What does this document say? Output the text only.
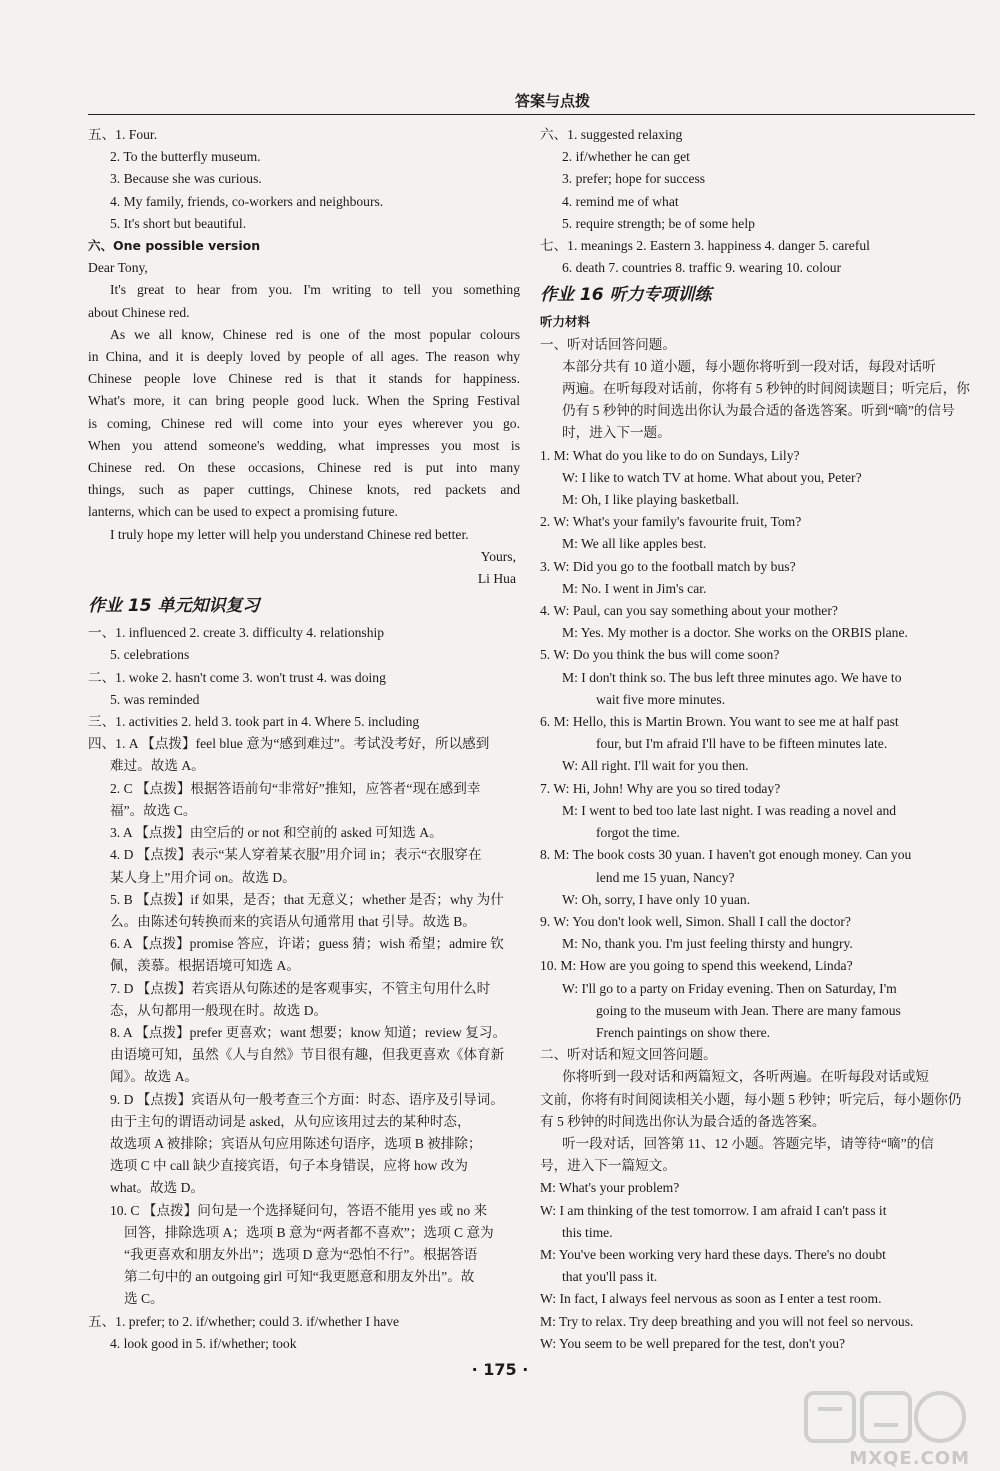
答案与点拨
五、1. Four.
2. To the butterfly museum.
3. Because she was curious.
4. My family, friends, co-workers and neighbours.
5. It's short but beautiful.
六、One possible version
Dear Tony,
It's great to hear from you. I'm writing to tell you something
about Chinese red.
As we all know, Chinese red is one of the most popular colours
in China, and it is deeply loved by people of all ages. The reason why
Chinese people love Chinese red is that it stands for happiness.
What's more, it can bring people good luck. When the Spring Festival
is coming, Chinese red will come into your eyes wherever you go.
When you attend someone's wedding, what impresses you most is
Chinese red. On these occasions, Chinese red is put into many
things, such as paper cuttings, Chinese knots, red packets and
lanterns, which can be used to expect a promising future.
I truly hope my letter will help you understand Chinese red better.
Yours,
Li Hua
作业 15 单元知识复习
一、1. influenced 2. create 3. difficulty 4. relationship
5. celebrations
二、1. woke 2. hasn't come 3. won't trust 4. was doing
5. was reminded
三、1. activities 2. held 3. took part in 4. Where 5. including
四、1. A 【点拨】feel blue 意为“感到难过”。考试没考好，所以感到
难过。故选 A。
2. C 【点拨】根据答语前句“非常好”推知，应答者“现在感到幸
福”。故选 C。
3. A 【点拨】由空后的 or not 和空前的 asked 可知选 A。
4. D 【点拨】表示“某人穿着某衣服”用介词 in；表示“衣服穿在
某人身上”用介词 on。故选 D。
5. B 【点拨】if 如果，是否；that 无意义；whether 是否；why 为什
么。由陈述句转换而来的宾语从句通常用 that 引导。故选 B。
6. A 【点拨】promise 答应，许诺；guess 猜；wish 希望；admire 钦
佩，羡慕。根据语境可知选 A。
7. D 【点拨】若宾语从句陈述的是客观事实，不管主句用什么时
态，从句都用一般现在时。故选 D。
8. A 【点拨】prefer 更喜欢；want 想要；know 知道；review 复习。
由语境可知，虽然《人与自然》节目很有趣，但我更喜欢《体育新
闻》。故选 A。
9. D 【点拨】宾语从句一般考查三个方面：时态、语序及引导词。
由于主句的谓语动词是 asked，从句应该用过去的某种时态，
故选项 A 被排除；宾语从句应用陈述句语序，选项 B 被排除；
选项 C 中 call 缺少直接宾语，句子本身错误，应将 how 改为
what。故选 D。
10. C 【点拨】问句是一个选择疑问句，答语不能用 yes 或 no 来
回答，排除选项 A；选项 B 意为“两者都不喜欢”；选项 C 意为
“我更喜欢和朋友外出”；选项 D 意为“恐怕不行”。根据答语
第二句中的 an outgoing girl 可知“我更愿意和朋友外出”。故
选 C。
五、1. prefer; to 2. if/whether; could 3. if/whether I have
4. look good in 5. if/whether; took
六、1. suggested relaxing
2. if/whether he can get
3. prefer; hope for success
4. remind me of what
5. require strength; be of some help
七、1. meanings 2. Eastern 3. happiness 4. danger 5. careful
6. death 7. countries 8. traffic 9. wearing 10. colour
作业 16 听力专项训练
听力材料
一、听对话回答问题。
本部分共有 10 道小题，每小题你将听到一段对话，每段对话听
两遍。在听每段对话前，你将有 5 秒钟的时间阅读题目；听完后，你
仍有 5 秒钟的时间选出你认为最合适的备选答案。听到“嘀”的信号
时，进入下一题。
1. M: What do you like to do on Sundays, Lily?
W: I like to watch TV at home. What about you, Peter?
M: Oh, I like playing basketball.
2. W: What's your family's favourite fruit, Tom?
M: We all like apples best.
3. W: Did you go to the football match by bus?
M: No. I went in Jim's car.
4. W: Paul, can you say something about your mother?
M: Yes. My mother is a doctor. She works on the ORBIS plane.
5. W: Do you think the bus will come soon?
M: I don't think so. The bus left three minutes ago. We have to
wait five more minutes.
6. M: Hello, this is Martin Brown. You want to see me at half past
four, but I'm afraid I'll have to be fifteen minutes late.
W: All right. I'll wait for you then.
7. W: Hi, John! Why are you so tired today?
M: I went to bed too late last night. I was reading a novel and
forgot the time.
8. M: The book costs 30 yuan. I haven't got enough money. Can you
lend me 15 yuan, Nancy?
W: Oh, sorry, I have only 10 yuan.
9. W: You don't look well, Simon. Shall I call the doctor?
M: No, thank you. I'm just feeling thirsty and hungry.
10. M: How are you going to spend this weekend, Linda?
W: I'll go to a party on Friday evening. Then on Saturday, I'm
going to the museum with Jean. There are many famous
French paintings on show there.
二、听对话和短文回答问题。
你将听到一段对话和两篇短文，各听两遍。在听每段对话或短
文前，你将有时间阅读相关小题，每小题 5 秒钟；听完后，每小题你仍
有 5 秒钟的时间选出你认为最合适的备选答案。
听一段对话，回答第 11、12 小题。答题完毕，请等待“嘀”的信
号，进入下一篇短文。
M: What's your problem?
W: I am thinking of the test tomorrow. I am afraid I can't pass it
this time.
M: You've been working very hard these days. There's no doubt
that you'll pass it.
W: In fact, I always feel nervous as soon as I enter a test room.
M: Try to relax. Try deep breathing and you will not feel so nervous.
W: You seem to be well prepared for the test, don't you?
· 175 ·
MXQE.COM
